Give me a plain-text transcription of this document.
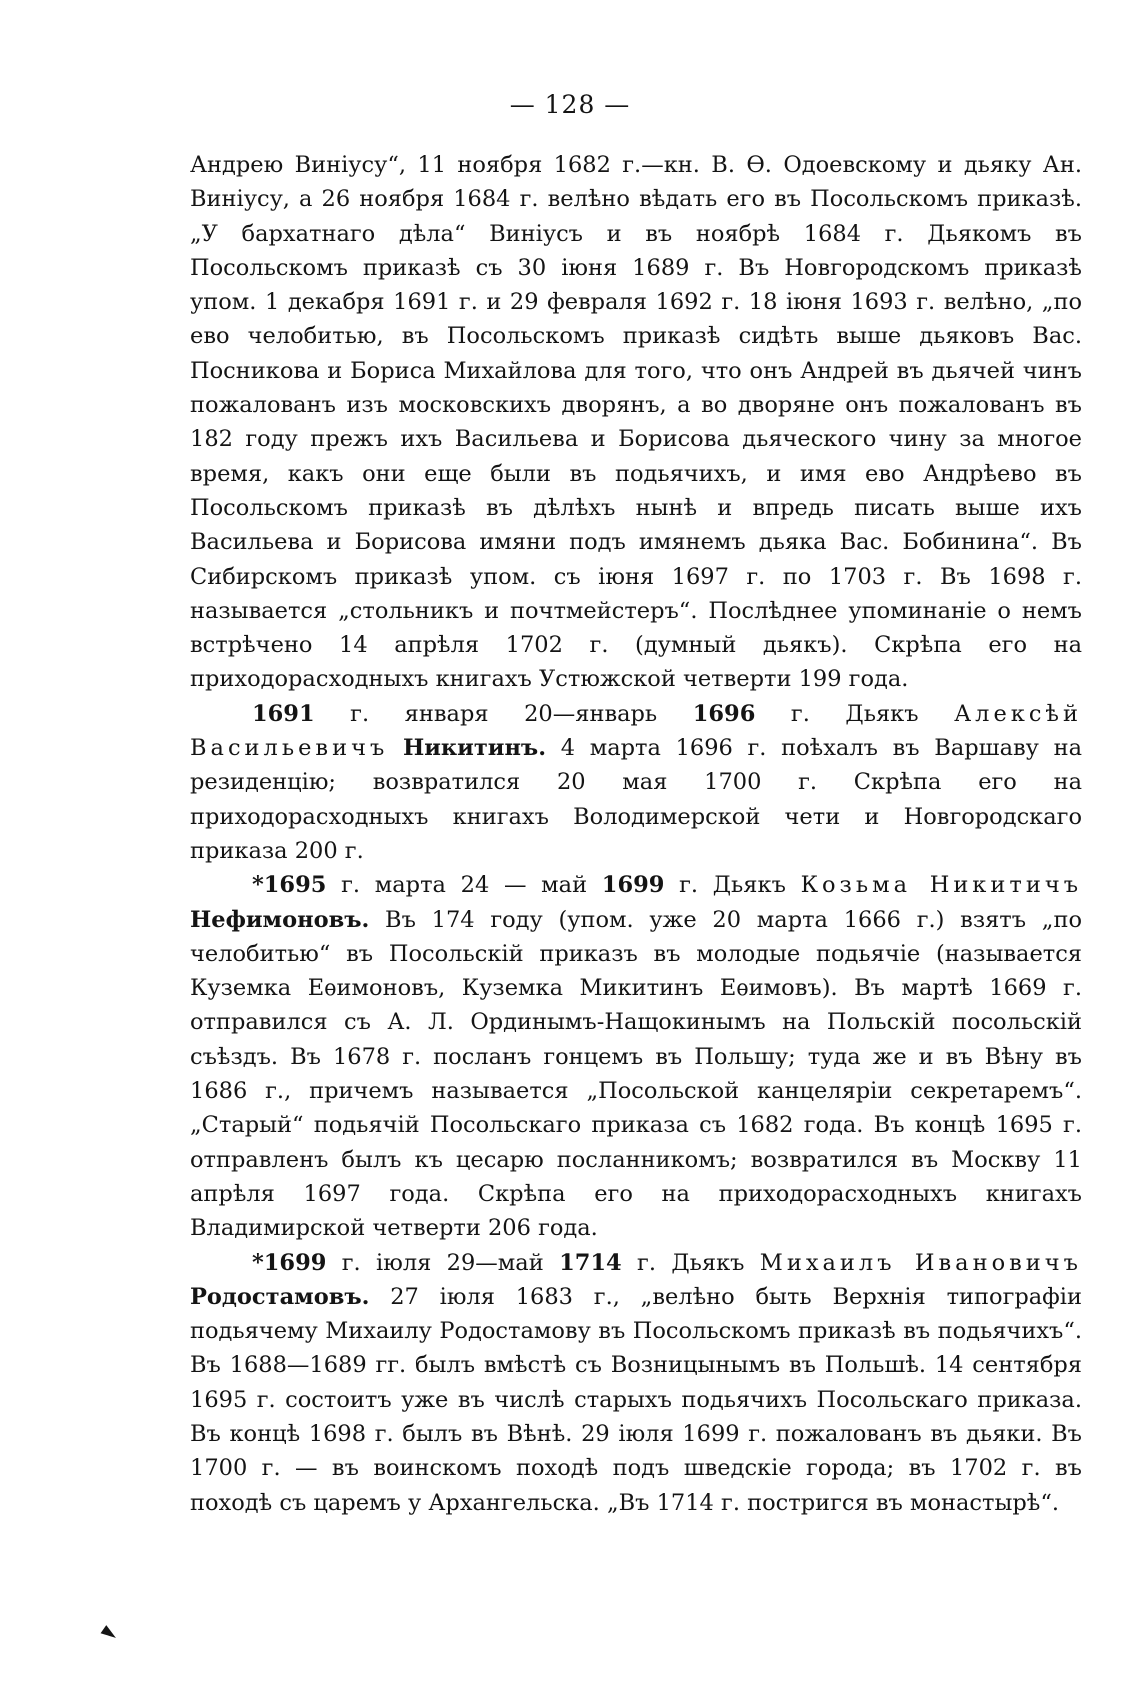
— 128 —

Андрею Виніусу“, 11 ноября 1682 г.—кн. В. Ѳ. Одоевскому и дьяку Ан. Виніусу, а 26 ноября 1684 г. велѣно вѣдать его въ Посольскомъ приказѣ. „У бархатнаго дѣла“ Виніусъ и въ ноябрѣ 1684 г. Дьякомъ въ Посольскомъ приказѣ съ 30 іюня 1689 г. Въ Новгородскомъ приказѣ упом. 1 декабря 1691 г. и 29 февраля 1692 г. 18 іюня 1693 г. велѣно, „по ево челобитью, въ Посольскомъ приказѣ сидѣть выше дьяковъ Вас. Посникова и Бориса Михайлова для того, что онъ Андрей въ дьячей чинъ пожалованъ изъ московскихъ дворянъ, а во дворяне онъ пожалованъ въ 182 году прежъ ихъ Васильева и Борисова дьяческого чину за многое время, какъ они еще были въ подьячихъ, и имя ево Андрѣево въ Посольскомъ приказѣ въ дѣлѣхъ нынѣ и впредь писать выше ихъ Васильева и Борисова имяни подъ имянемъ дьяка Вас. Бобинина“. Въ Сибирскомъ приказѣ упом. съ іюня 1697 г. по 1703 г. Въ 1698 г. называется „стольникъ и почтмейстеръ“. Послѣднее упоминаніе о немъ встрѣчено 14 апрѣля 1702 г. (думный дьякъ). Скрѣпа его на приходорасходныхъ книгахъ Устюжской четверти 199 года.

1691 г. января 20—январь 1696 г. Дьякъ Алексѣй Васильевичъ Никитинъ. 4 марта 1696 г. поѣхалъ въ Варшаву на резиденцію; возвратился 20 мая 1700 г. Скрѣпа его на приходорасходныхъ книгахъ Володимерской чети и Новгородскаго приказа 200 г.

*1695 г. марта 24 — май 1699 г. Дьякъ Козьма Никитичъ Нефимоновъ. Въ 174 году (упом. уже 20 марта 1666 г.) взятъ „по челобитью“ въ Посольскій приказъ въ молодые подьячіе (называется Куземка Еѳимоновъ, Куземка Микитинъ Еѳимовъ). Въ мартѣ 1669 г. отправился съ А. Л. Ординымъ-Нащокинымъ на Польскій посольскій съѣздъ. Въ 1678 г. посланъ гонцемъ въ Польшу; туда же и въ Вѣну въ 1686 г., причемъ называется „Посольской канцеляріи секретаремъ“. „Старый“ подьячій Посольскаго приказа съ 1682 года. Въ концѣ 1695 г. отправленъ былъ къ цесарю посланникомъ; возвратился въ Москву 11 апрѣля 1697 года. Скрѣпа его на приходорасходныхъ книгахъ Владимирской четверти 206 года.

*1699 г. іюля 29—май 1714 г. Дьякъ Михаилъ Ивановичъ Родостамовъ. 27 іюля 1683 г., „велѣно быть Верхнія типографіи подьячему Михаилу Родостамову въ Посольскомъ приказѣ въ подьячихъ“. Въ 1688—1689 гг. былъ вмѣстѣ съ Возницынымъ въ Польшѣ. 14 сентября 1695 г. состоитъ уже въ числѣ старыхъ подьячихъ Посольскаго приказа. Въ концѣ 1698 г. былъ въ Вѣнѣ. 29 іюля 1699 г. пожалованъ въ дьяки. Въ 1700 г. — въ воинскомъ походѣ подъ шведскіе города; въ 1702 г. въ походѣ съ царемъ у Архангельска. „Въ 1714 г. постригся въ монастырѣ“.

►
